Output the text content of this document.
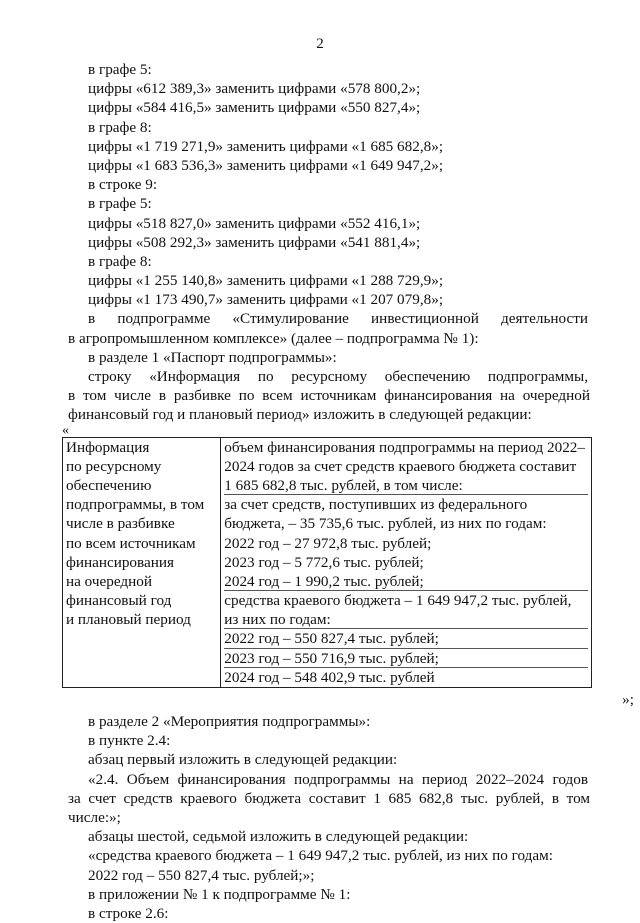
2
в графе 5:
цифры «612 389,3» заменить цифрами «578 800,2»;
цифры «584 416,5» заменить цифрами «550 827,4»;
в графе 8:
цифры «1 719 271,9» заменить цифрами «1 685 682,8»;
цифры «1 683 536,3» заменить цифрами «1 649 947,2»;
в строке 9:
в графе 5:
цифры «518 827,0» заменить цифрами «552 416,1»;
цифры «508 292,3» заменить цифрами «541 881,4»;
в графе 8:
цифры «1 255 140,8» заменить цифрами «1 288 729,9»;
цифры «1 173 490,7» заменить цифрами «1 207 079,8»;
в подпрограмме «Стимулирование инвестиционной деятельности
в агропромышленном комплексе» (далее – подпрограмма № 1):
в разделе 1 «Паспорт подпрограммы»:
строку «Информация по ресурсному обеспечению подпрограммы,
в том числе в разбивке по всем источникам финансирования на очередной
финансовый год и плановый период» изложить в следующей редакции:
«
Информация
по ресурсному
обеспечению
подпрограммы, в том
числе в разбивке
по всем источникам
финансирования
на очередной
финансовый год
и плановый период

объем финансирования подпрограммы на период 2022–
2024 годов за счет средств краевого бюджета составит
1 685 682,8 тыс. рублей, в том числе:
за счет средств, поступивших из федерального
бюджета, – 35 735,6 тыс. рублей, из них по годам:
2022 год – 27 972,8 тыс. рублей;
2023 год – 5 772,6 тыс. рублей;
2024 год – 1 990,2 тыс. рублей;
средства краевого бюджета – 1 649 947,2 тыс. рублей,
из них по годам:
2022 год – 550 827,4 тыс. рублей;
2023 год – 550 716,9 тыс. рублей;
2024 год – 548 402,9 тыс. рублей
»;
в разделе 2 «Мероприятия подпрограммы»:
в пункте 2.4:
абзац первый изложить в следующей редакции:
«2.4. Объем финансирования подпрограммы на период 2022–2024 годов
за счет средств краевого бюджета составит 1 685 682,8 тыс. рублей, в том
числе:»;
абзацы шестой, седьмой изложить в следующей редакции:
«средства краевого бюджета – 1 649 947,2 тыс. рублей, из них по годам:
2022 год – 550 827,4 тыс. рублей;»;
в приложении № 1 к подпрограмме № 1:
в строке 2.6:
